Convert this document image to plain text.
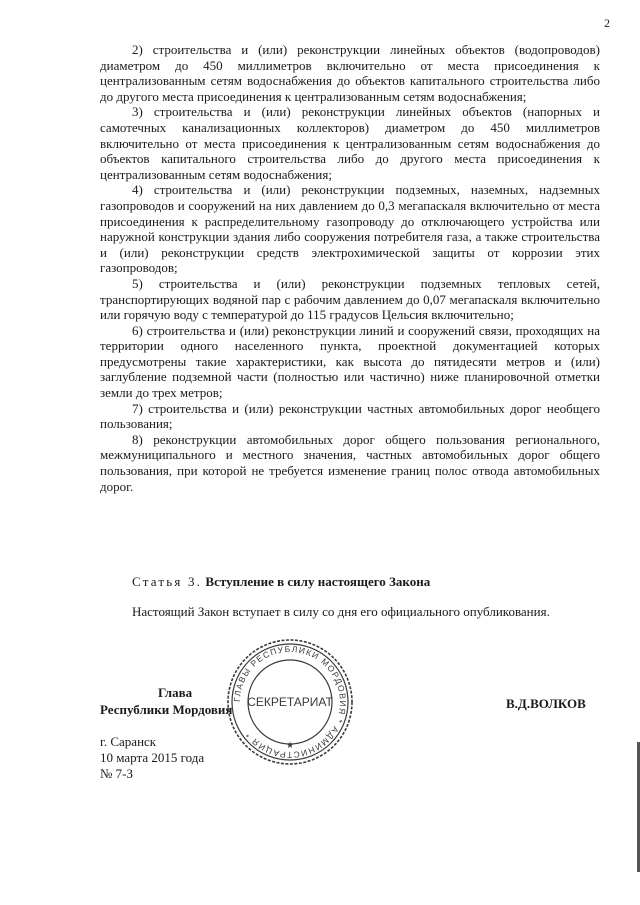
2

2) строительства и (или) реконструкции линейных объектов (водопроводов) диаметром до 450 миллиметров включительно от места присоединения к централизованным сетям водоснабжения до объектов капитального строительства либо до другого места присоединения к централизованным сетям водоснабжения;

3) строительства и (или) реконструкции линейных объектов (напорных и самотечных канализационных коллекторов) диаметром до 450 миллиметров включительно от места присоединения к централизованным сетям водоснабжения до объектов капитального строительства либо до другого места присоединения к централизованным сетям водоснабжения;

4) строительства и (или) реконструкции подземных, наземных, надземных газопроводов и сооружений на них давлением до 0,3 мегапаскаля включительно от места присоединения к распределительному газопроводу до отключающего устройства или наружной конструкции здания либо сооружения потребителя газа, а также строительства и (или) реконструкции средств электрохимической защиты от коррозии этих газопроводов;

5) строительства и (или) реконструкции подземных тепловых сетей, транспортирующих водяной пар с рабочим давлением до 0,07 мегапаскаля включительно или горячую воду с температурой до 115 градусов Цельсия включительно;

6) строительства и (или) реконструкции линий и сооружений связи, проходящих на территории одного населенного пункта, проектной документацией которых предусмотрены такие характеристики, как высота до пятидесяти метров и (или) заглубление подземной части (полностью или частично) ниже планировочной отметки земли до трех метров;

7) строительства и (или) реконструкции частных автомобильных дорог необщего пользования;

8) реконструкции автомобильных дорог общего пользования регионального, межмуниципального и местного значения, частных автомобильных дорог общего пользования, при которой не требуется изменение границ полос отвода автомобильных дорог.

Статья 3. Вступление в силу настоящего Закона

Настоящий Закон вступает в силу со дня его официального опубликования.

Глава
Республики Мордовия	В.Д.ВОЛКОВ
г. Саранск
10 марта 2015 года
№ 7-З
ГЛАВЫ РЕСПУБЛИКИ МОРДОВИЯ * АДМИНИСТРАЦИЯ *
СЕКРЕТАРИАТ
★
